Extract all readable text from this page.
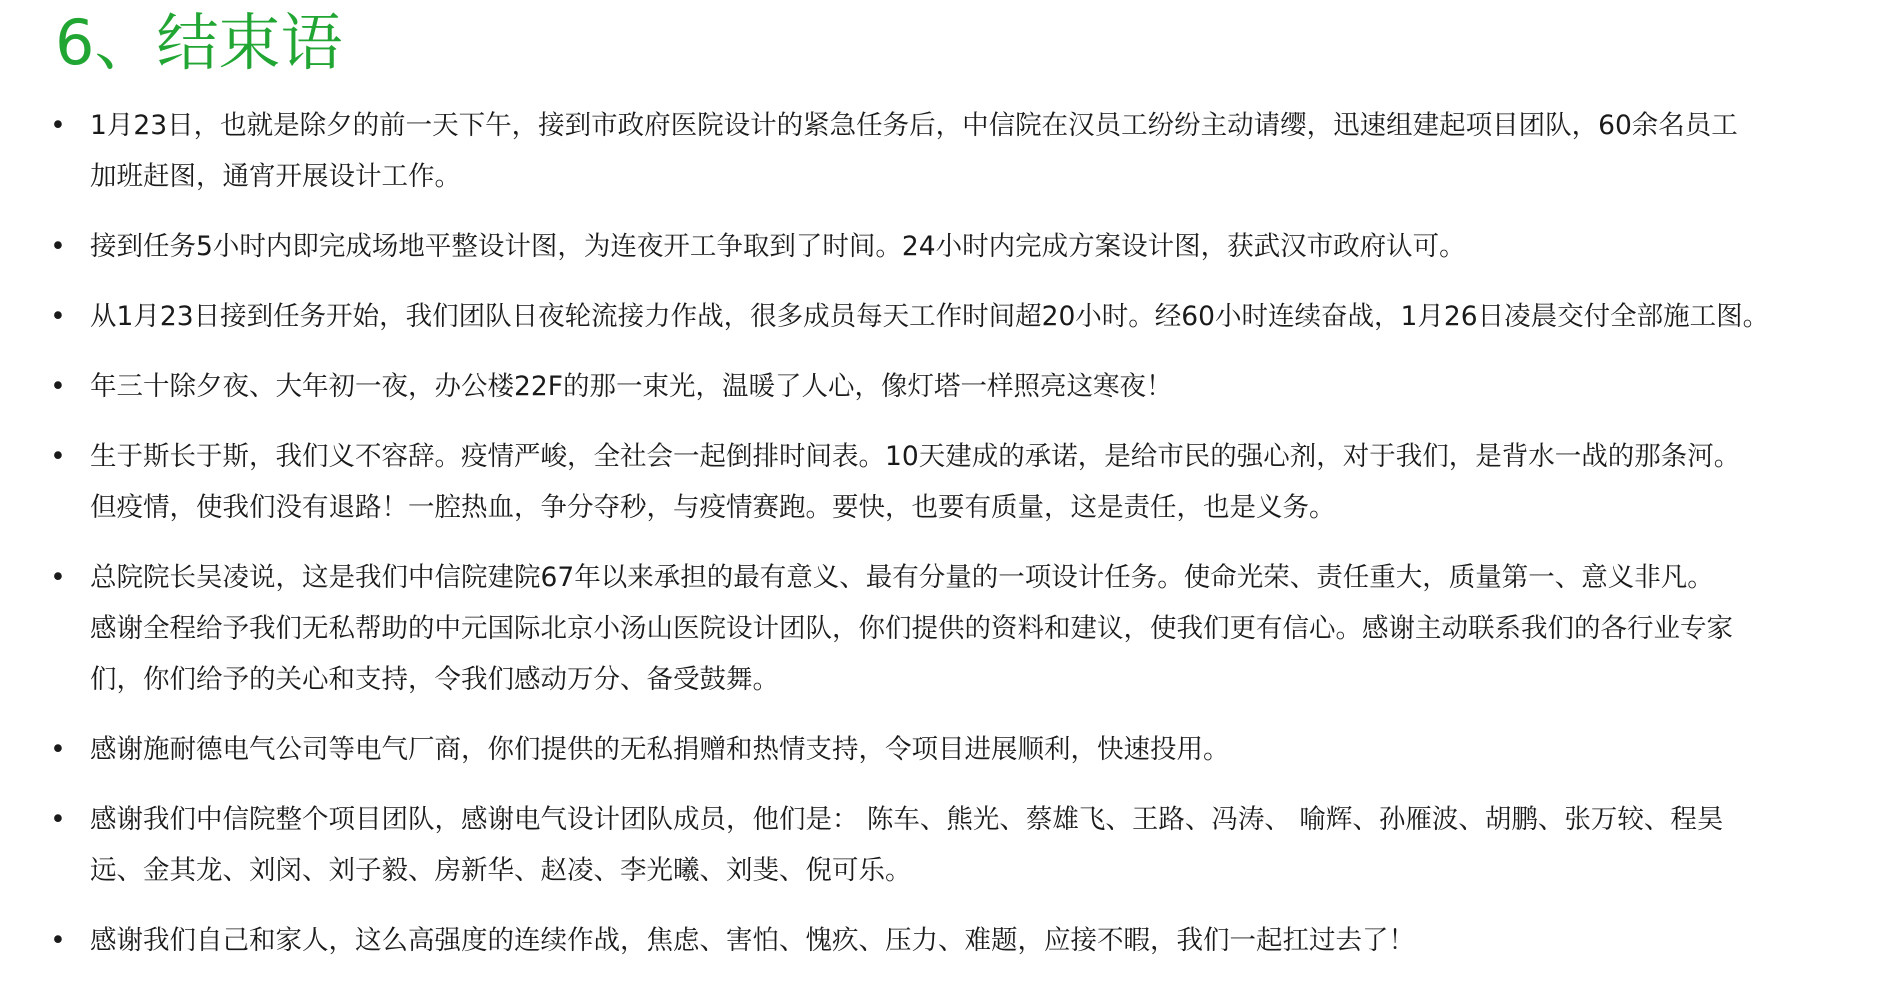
6、结束语
• 1月23日，也就是除夕的前一天下午，接到市政府医院设计的紧急任务后，中信院在汉员工纷纷主动请缨，迅速组建起项目团队，60余名员工
加班赶图，通宵开展设计工作。
• 接到任务5小时内即完成场地平整设计图，为连夜开工争取到了时间。24小时内完成方案设计图，获武汉市政府认可。
• 从1月23日接到任务开始，我们团队日夜轮流接力作战，很多成员每天工作时间超20小时。经60小时连续奋战，1月26日凌晨交付全部施工图。
• 年三十除夕夜、大年初一夜，办公楼22F的那一束光，温暖了人心，像灯塔一样照亮这寒夜！
• 生于斯长于斯，我们义不容辞。疫情严峻，全社会一起倒排时间表。10天建成的承诺，是给市民的强心剂，对于我们，是背水一战的那条河。
但疫情，使我们没有退路！一腔热血，争分夺秒，与疫情赛跑。要快，也要有质量，这是责任，也是义务。
• 总院院长吴凌说，这是我们中信院建院67年以来承担的最有意义、最有分量的一项设计任务。使命光荣、责任重大，质量第一、意义非凡。
感谢全程给予我们无私帮助的中元国际北京小汤山医院设计团队，你们提供的资料和建议，使我们更有信心。感谢主动联系我们的各行业专家
们，你们给予的关心和支持，令我们感动万分、备受鼓舞。
• 感谢施耐德电气公司等电气厂商，你们提供的无私捐赠和热情支持，令项目进展顺利，快速投用。
• 感谢我们中信院整个项目团队，感谢电气设计团队成员，他们是： 陈车、熊光、蔡雄飞、王路、冯涛、 喻辉、孙雁波、胡鹏、张万较、程昊
远、金其龙、刘闵、刘子毅、房新华、赵凌、李光曦、刘斐、倪可乐。
• 感谢我们自己和家人，这么高强度的连续作战，焦虑、害怕、愧疚、压力、难题，应接不暇，我们一起扛过去了！
